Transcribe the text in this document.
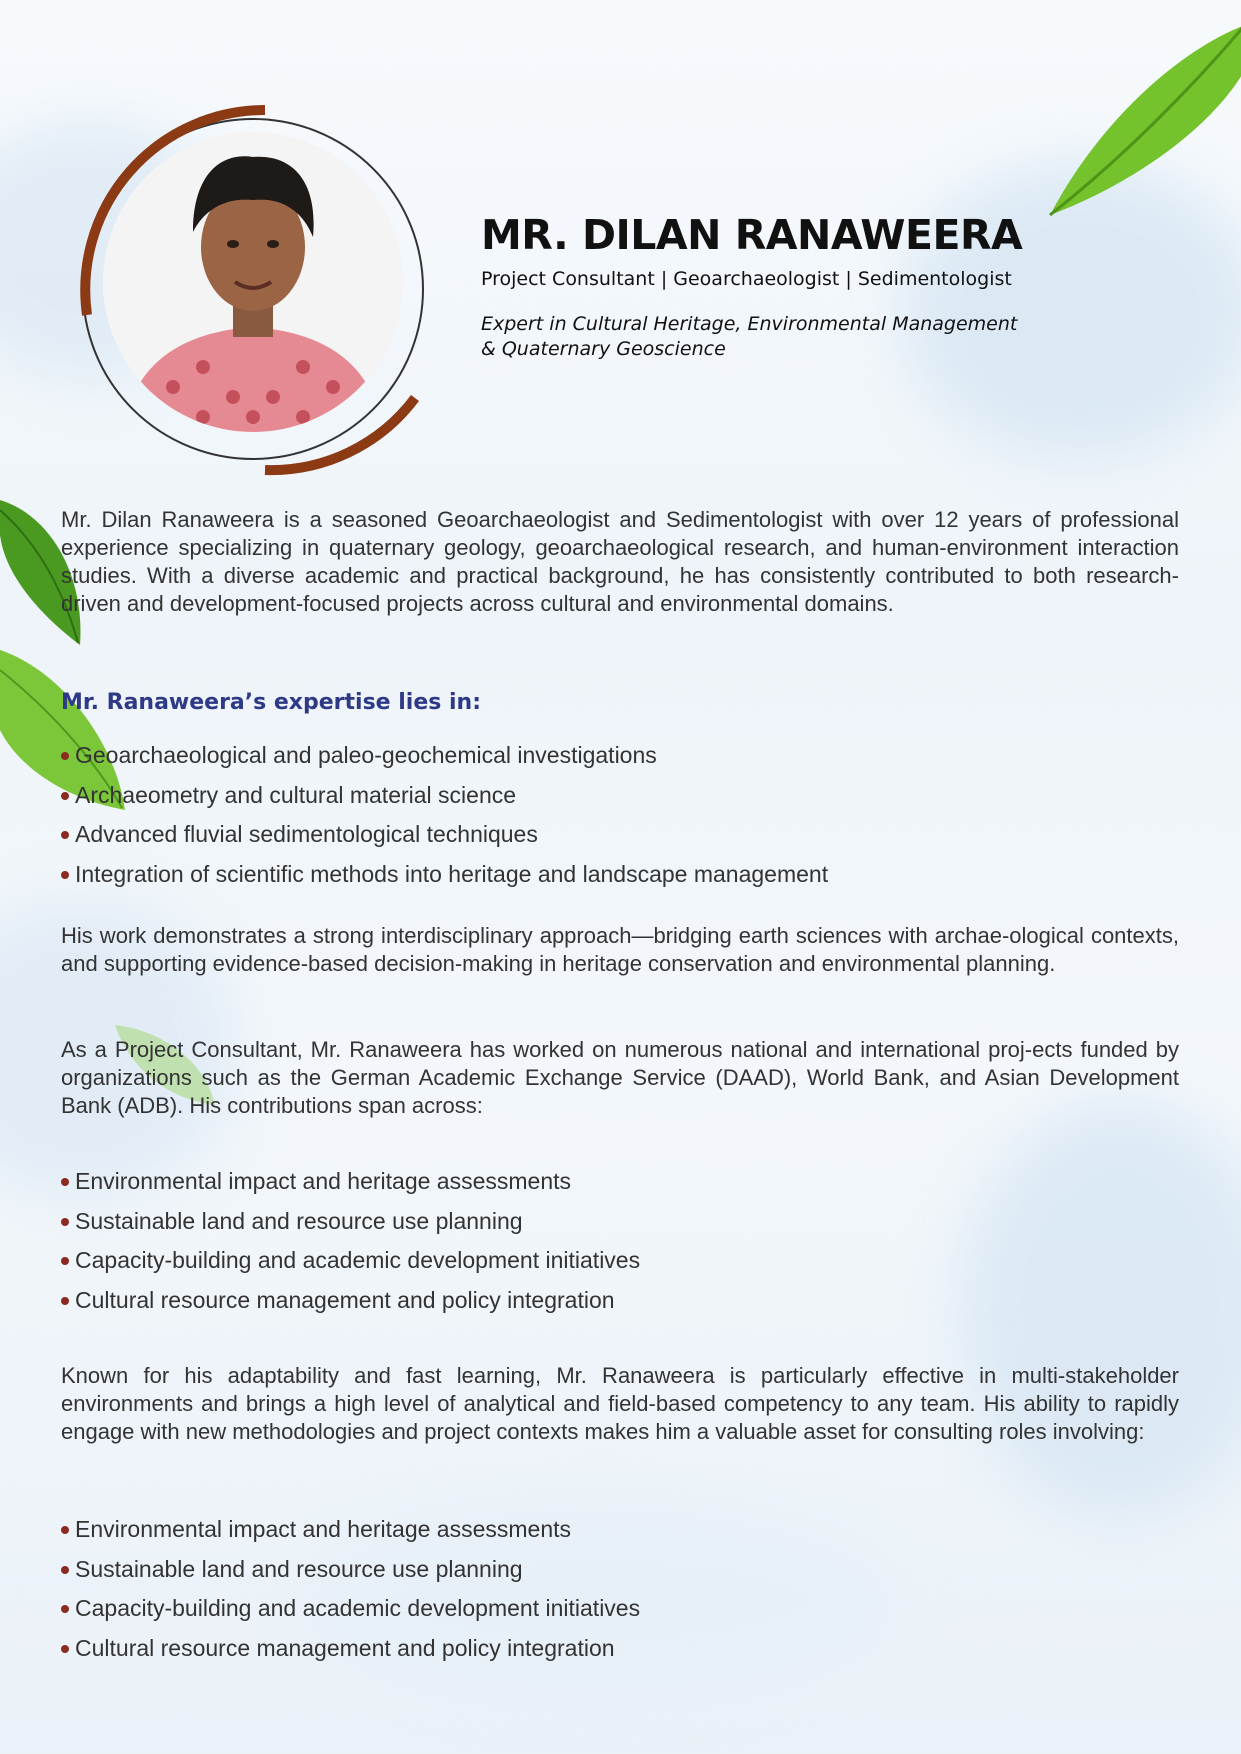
MR. DILAN RANAWEERA
Project Consultant | Geoarchaeologist | Sedimentologist
Expert in Cultural Heritage, Environmental Management
& Quaternary Geoscience

Mr. Dilan Ranaweera is a seasoned Geoarchaeologist and Sedimentologist with over 12 years of professional experience specializing in quaternary geology, geoarchaeological research, and human-environment interaction studies. With a diverse academic and practical background, he has consistently contributed to both research-driven and development-focused projects across cultural and environmental domains.

Mr. Ranaweera’s expertise lies in:
Geoarchaeological and paleo-geochemical investigations
Archaeometry and cultural material science
Advanced fluvial sedimentological techniques
Integration of scientific methods into heritage and landscape management

His work demonstrates a strong interdisciplinary approach—bridging earth sciences with archae-ological contexts, and supporting evidence-based decision-making in heritage conservation and environmental planning.

As a Project Consultant, Mr. Ranaweera has worked on numerous national and international proj-ects funded by organizations such as the German Academic Exchange Service (DAAD), World Bank, and Asian Development Bank (ADB). His contributions span across:

Environmental impact and heritage assessments
Sustainable land and resource use planning
Capacity-building and academic development initiatives
Cultural resource management and policy integration

Known for his adaptability and fast learning, Mr. Ranaweera is particularly effective in multi-stakeholder environments and brings a high level of analytical and field-based competency to any team. His ability to rapidly engage with new methodologies and project contexts makes him a valuable asset for consulting roles involving:

Environmental impact and heritage assessments
Sustainable land and resource use planning
Capacity-building and academic development initiatives
Cultural resource management and policy integration
